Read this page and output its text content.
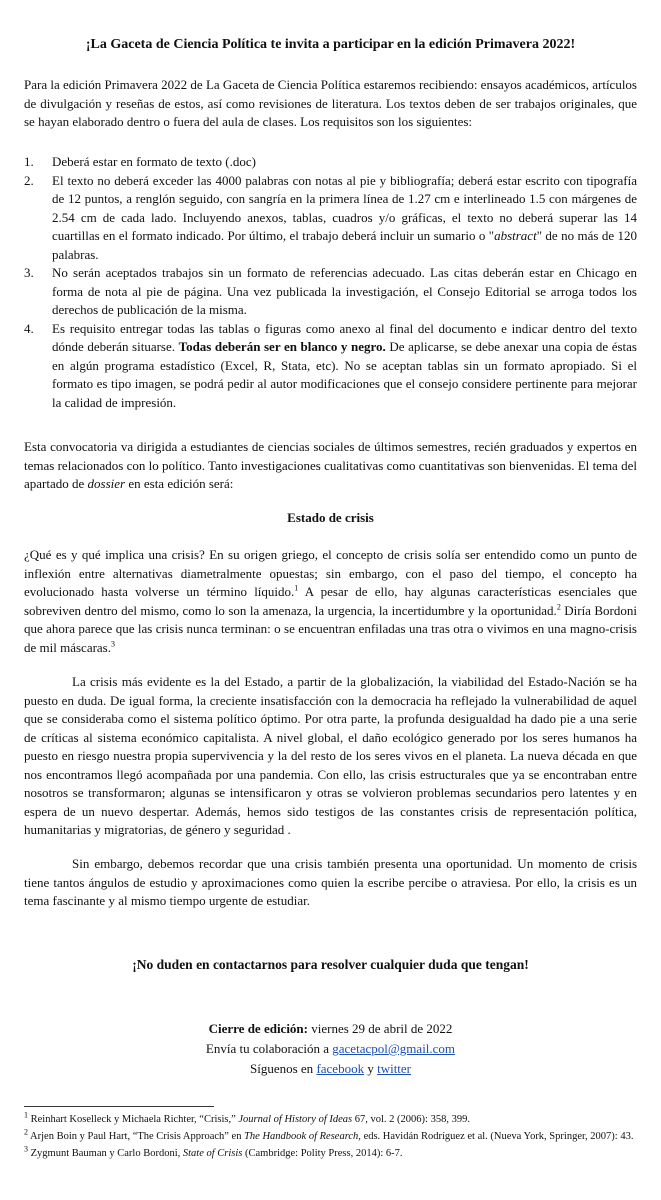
¡La Gaceta de Ciencia Política te invita a participar en la edición Primavera 2022!

Para la edición Primavera 2022 de La Gaceta de Ciencia Política estaremos recibiendo: ensayos académicos, artículos de divulgación y reseñas de estos, así como revisiones de literatura. Los textos deben de ser trabajos originales, que se hayan elaborado dentro o fuera del aula de clases. Los requisitos son los siguientes:

1. Deberá estar en formato de texto (.doc)
2. El texto no deberá exceder las 4000 palabras con notas al pie y bibliografía; deberá estar escrito con tipografía de 12 puntos, a renglón seguido, con sangría en la primera línea de 1.27 cm e interlineado 1.5 con márgenes de 2.54 cm de cada lado. Incluyendo anexos, tablas, cuadros y/o gráficas, el texto no deberá superar las 14 cuartillas en el formato indicado. Por último, el trabajo deberá incluir un sumario o "abstract" de no más de 120 palabras.
3. No serán aceptados trabajos sin un formato de referencias adecuado. Las citas deberán estar en Chicago en forma de nota al pie de página. Una vez publicada la investigación, el Consejo Editorial se arroga todos los derechos de publicación de la misma.
4. Es requisito entregar todas las tablas o figuras como anexo al final del documento e indicar dentro del texto dónde deberán situarse. Todas deberán ser en blanco y negro. De aplicarse, se debe anexar una copia de éstas en algún programa estadístico (Excel, R, Stata, etc). No se aceptan tablas sin un formato apropiado. Si el formato es tipo imagen, se podrá pedir al autor modificaciones que el consejo considere pertinente para mejorar la calidad de impresión.

Esta convocatoria va dirigida a estudiantes de ciencias sociales de últimos semestres, recién graduados y expertos en temas relacionados con lo político. Tanto investigaciones cualitativas como cuantitativas son bienvenidas. El tema del apartado de dossier en esta edición será:

Estado de crisis

¿Qué es y qué implica una crisis? En su origen griego, el concepto de crisis solía ser entendido como un punto de inflexión entre alternativas diametralmente opuestas; sin embargo, con el paso del tiempo, el concepto ha evolucionado hasta volverse un término líquido.$^1$ A pesar de ello, hay algunas características esenciales que sobreviven dentro del mismo, como lo son la amenaza, la urgencia, la incertidumbre y la oportunidad.$^2$ Diría Bordoni que ahora parece que las crisis nunca terminan: o se encuentran enfiladas una tras otra o vivimos en una magno-crisis de mil máscaras.$^3$

La crisis más evidente es la del Estado, a partir de la globalización, la viabilidad del Estado-Nación se ha puesto en duda. De igual forma, la creciente insatisfacción con la democracia ha reflejado la vulnerabilidad de aquel que se consideraba como el sistema político óptimo. Por otra parte, la profunda desigualdad ha dado pie a una serie de críticas al sistema económico capitalista. A nivel global, el daño ecológico generado por los seres humanos ha puesto en riesgo nuestra propia supervivencia y la del resto de los seres vivos en el planeta. La nueva década en que nos encontramos llegó acompañada por una pandemia. Con ello, las crisis estructurales que ya se encontraban entre nosotros se transformaron; algunas se intensificaron y otras se volvieron problemas secundarios pero latentes y en espera de un nuevo despertar. Además, hemos sido testigos de las constantes crisis de representación política, humanitarias y migratorias, de género y seguridad .

Sin embargo, debemos recordar que una crisis también presenta una oportunidad. Un momento de crisis tiene tantos ángulos de estudio y aproximaciones como quien la escribe percibe o atraviesa. Por ello, la crisis es un tema fascinante y al mismo tiempo urgente de estudiar.

¡No duden en contactarnos para resolver cualquier duda que tengan!
Cierre de edición: viernes 29 de abril de 2022
Envía tu colaboración a gacetacpol@gmail.com
Síguenos en facebook y twitter
$^1$ Reinhart Koselleck y Michaela Richter, “Crisis,” Journal of History of Ideas 67, vol. 2 (2006): 358, 399.
$^2$ Arjen Boin y Paul Hart, “The Crisis Approach” en The Handbook of Research, eds. Havidán Rodríguez et al. (Nueva York, Springer, 2007): 43.
$^3$ Zygmunt Bauman y Carlo Bordoni, State of Crisis (Cambridge: Polity Press, 2014): 6-7.
